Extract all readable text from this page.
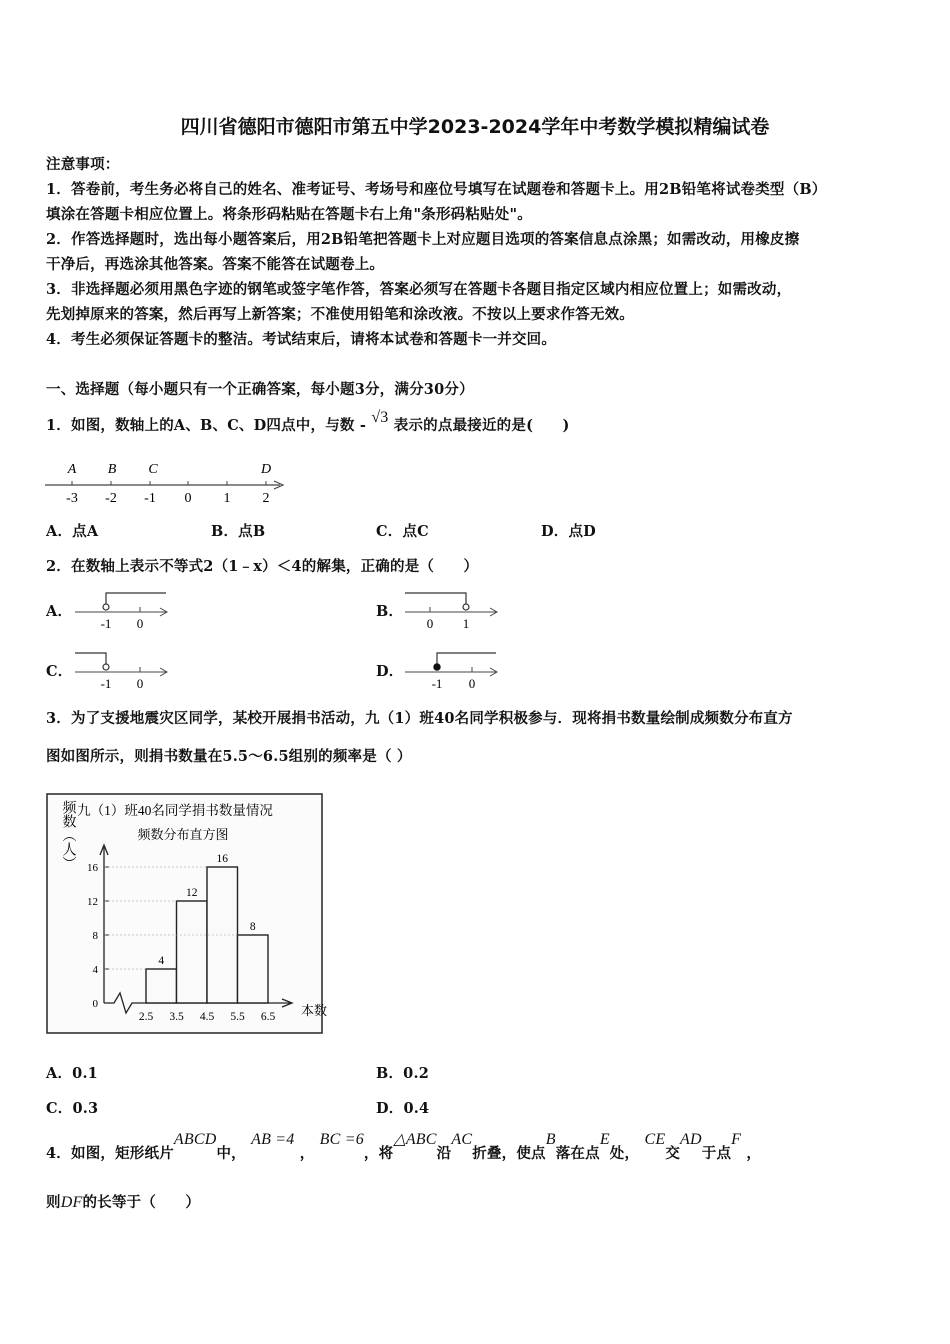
四川省德阳市德阳市第五中学2023-2024学年中考数学模拟精编试卷
注意事项：
1．答卷前，考生务必将自己的姓名、准考证号、考场号和座位号填写在试题卷和答题卡上。用2B铅笔将试卷类型（B）
填涂在答题卡相应位置上。将条形码粘贴在答题卡右上角"条形码粘贴处"。
2．作答选择题时，选出每小题答案后，用2B铅笔把答题卡上对应题目选项的答案信息点涂黑；如需改动，用橡皮擦
干净后，再选涂其他答案。答案不能答在试题卷上。
3．非选择题必须用黑色字迹的钢笔或签字笔作答，答案必须写在答题卡各题目指定区域内相应位置上；如需改动，
先划掉原来的答案，然后再写上新答案；不准使用铅笔和涂改液。不按以上要求作答无效。
4．考生必须保证答题卡的整洁。考试结束后，请将本试卷和答题卡一并交回。
一、选择题（每小题只有一个正确答案，每小题3分，满分30分）
1．如图，数轴上的A、B、C、D四点中，与数 - √3 表示的点最接近的是(　　)
A B C	D
-3 -2 -1 0 1 2
A．点A	B．点B	C．点C	D．点D
2．在数轴上表示不等式2（1﹣x）＜4的解集，正确的是（　　）
A．
-1 0
B．
0 1
C．
-1 0
D．
-1 0
3．为了支援地震灾区同学，某校开展捐书活动，九（1）班40名同学积极参与．现将捐书数量绘制成频数分布直方
图如图所示，则捐书数量在5.5～6.5组别的频率是（ ）
九（1）班40名同学捐书数量情况
频数分布直方图
频数（人）
0
4
8
12
16
2.5 3.5 4.5 5.5 6.5
4
12
16
8
本数
A．0.1	B．0.2
C．0.3	D．0.4
4．如图，矩形纸片ABCD中， AB =4 ， BC =6，将△ABC沿AC折叠，使点B落在点E处， CE交AD于点F ，
则DF的长等于（　　）
